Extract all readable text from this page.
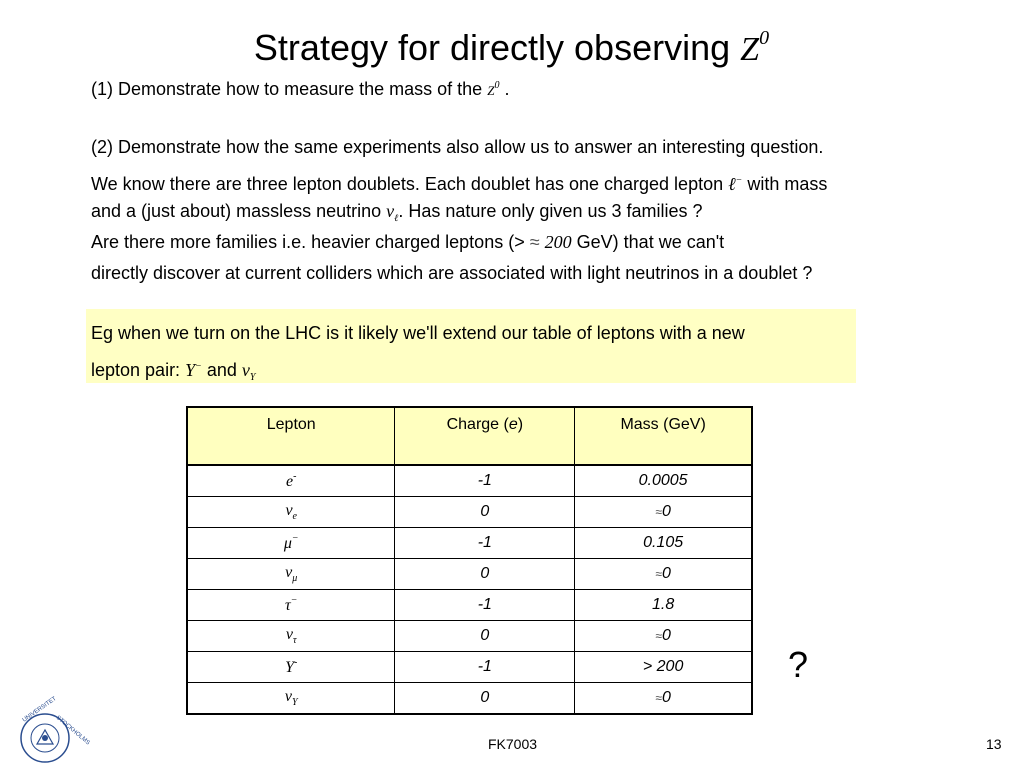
Strategy for directly observing $Z^0$
(1) Demonstrate how to measure the mass of the $Z^0$ .
(2) Demonstrate how the same experiments also allow us to answer an interesting question.
We know there are three lepton doublets. Each doublet has one charged lepton ℓ− with mass
and a (just about) massless neutrino $\nu_\ell$. Has nature only given us 3 families ?
Are there more families i.e. heavier charged leptons (> ≈ 200 GeV) that we can't
directly discover at current colliders which are associated with light neutrinos in a doublet ?
Eg when we turn on the LHC is it likely we'll extend our table of leptons with a new
lepton pair: Y− and $\nu_Y$
Lepton	Charge (e)	Mass (GeV)
e-	-1	0.0005
$\nu_e$	0	≈0
μ−	-1	0.105
$\nu_\mu$	0	≈0
τ−	-1	1.8
$\nu_\tau$	0	≈0
Y-	-1	> 200
$\nu_Y$	0	≈0
?
UNIVERSITET
STOCKHOLMS	FK7003	13
